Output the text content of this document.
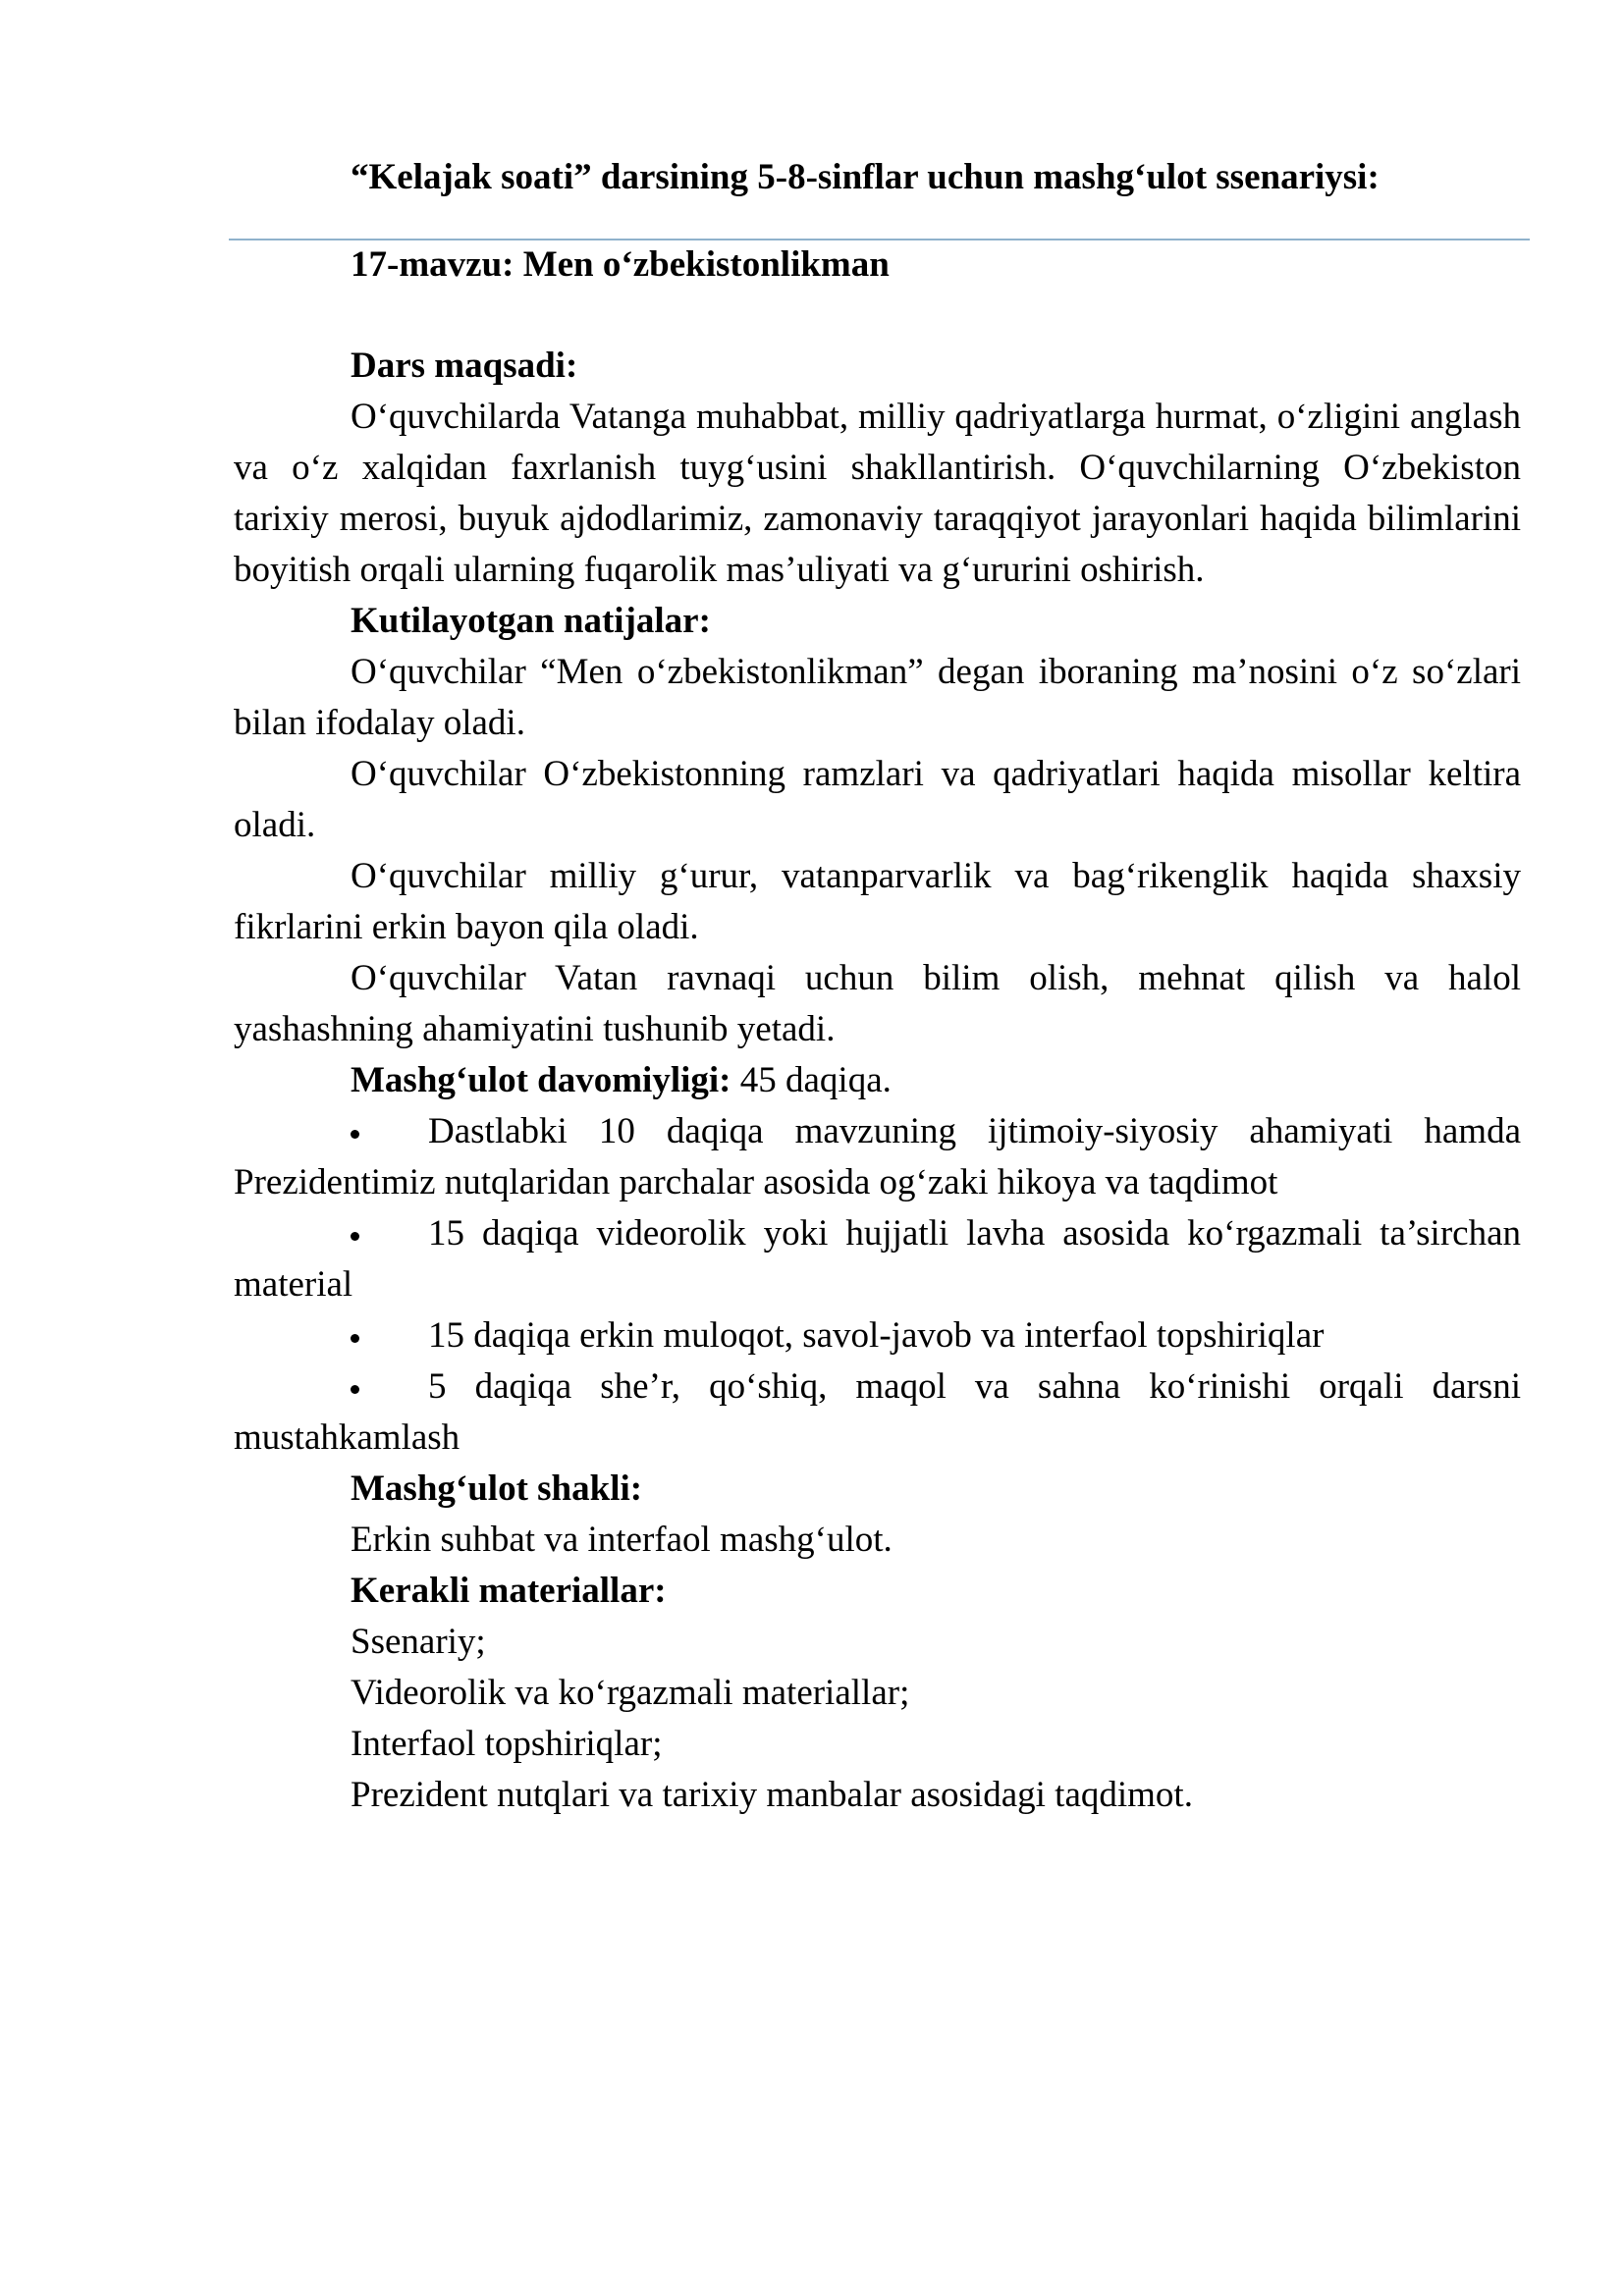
“Kelajak soati” darsining 5-8-sinflar uchun mashg‘ulot ssenariysi:
17-mavzu: Men o‘zbekistonlikman

Dars maqsadi:

O‘quvchilarda Vatanga muhabbat, milliy qadriyatlarga hurmat, o‘zligini anglash va o‘z xalqidan faxrlanish tuyg‘usini shakllantirish. O‘quvchilarning O‘zbekiston tarixiy merosi, buyuk ajdodlarimiz, zamonaviy taraqqiyot jarayonlari haqida bilimlarini boyitish orqali ularning fuqarolik mas’uliyati va g‘ururini oshirish.

Kutilayotgan natijalar:

O‘quvchilar “Men o‘zbekistonlikman” degan iboraning ma’nosini o‘z so‘zlari bilan ifodalay oladi.

O‘quvchilar O‘zbekistonning ramzlari va qadriyatlari haqida misollar keltira oladi.

O‘quvchilar milliy g‘urur, vatanparvarlik va bag‘rikenglik haqida shaxsiy fikrlarini erkin bayon qila oladi.

O‘quvchilar Vatan ravnaqi uchun bilim olish, mehnat qilish va halol yashashning ahamiyatini tushunib yetadi.

Mashg‘ulot davomiyligi: 45 daqiqa.

Dastlabki 10 daqiqa mavzuning ijtimoiy-siyosiy ahamiyati hamda Prezidentimiz nutqlaridan parchalar asosida og‘zaki hikoya va taqdimot

15 daqiqa videorolik yoki hujjatli lavha asosida ko‘rgazmali ta’sirchan material

15 daqiqa erkin muloqot, savol-javob va interfaol topshiriqlar

5 daqiqa she’r, qo‘shiq, maqol va sahna ko‘rinishi orqali darsni mustahkamlash

Mashg‘ulot shakli:

Erkin suhbat va interfaol mashg‘ulot.

Kerakli materiallar:

Ssenariy;

Videorolik va ko‘rgazmali materiallar;

Interfaol topshiriqlar;

Prezident nutqlari va tarixiy manbalar asosidagi taqdimot.
